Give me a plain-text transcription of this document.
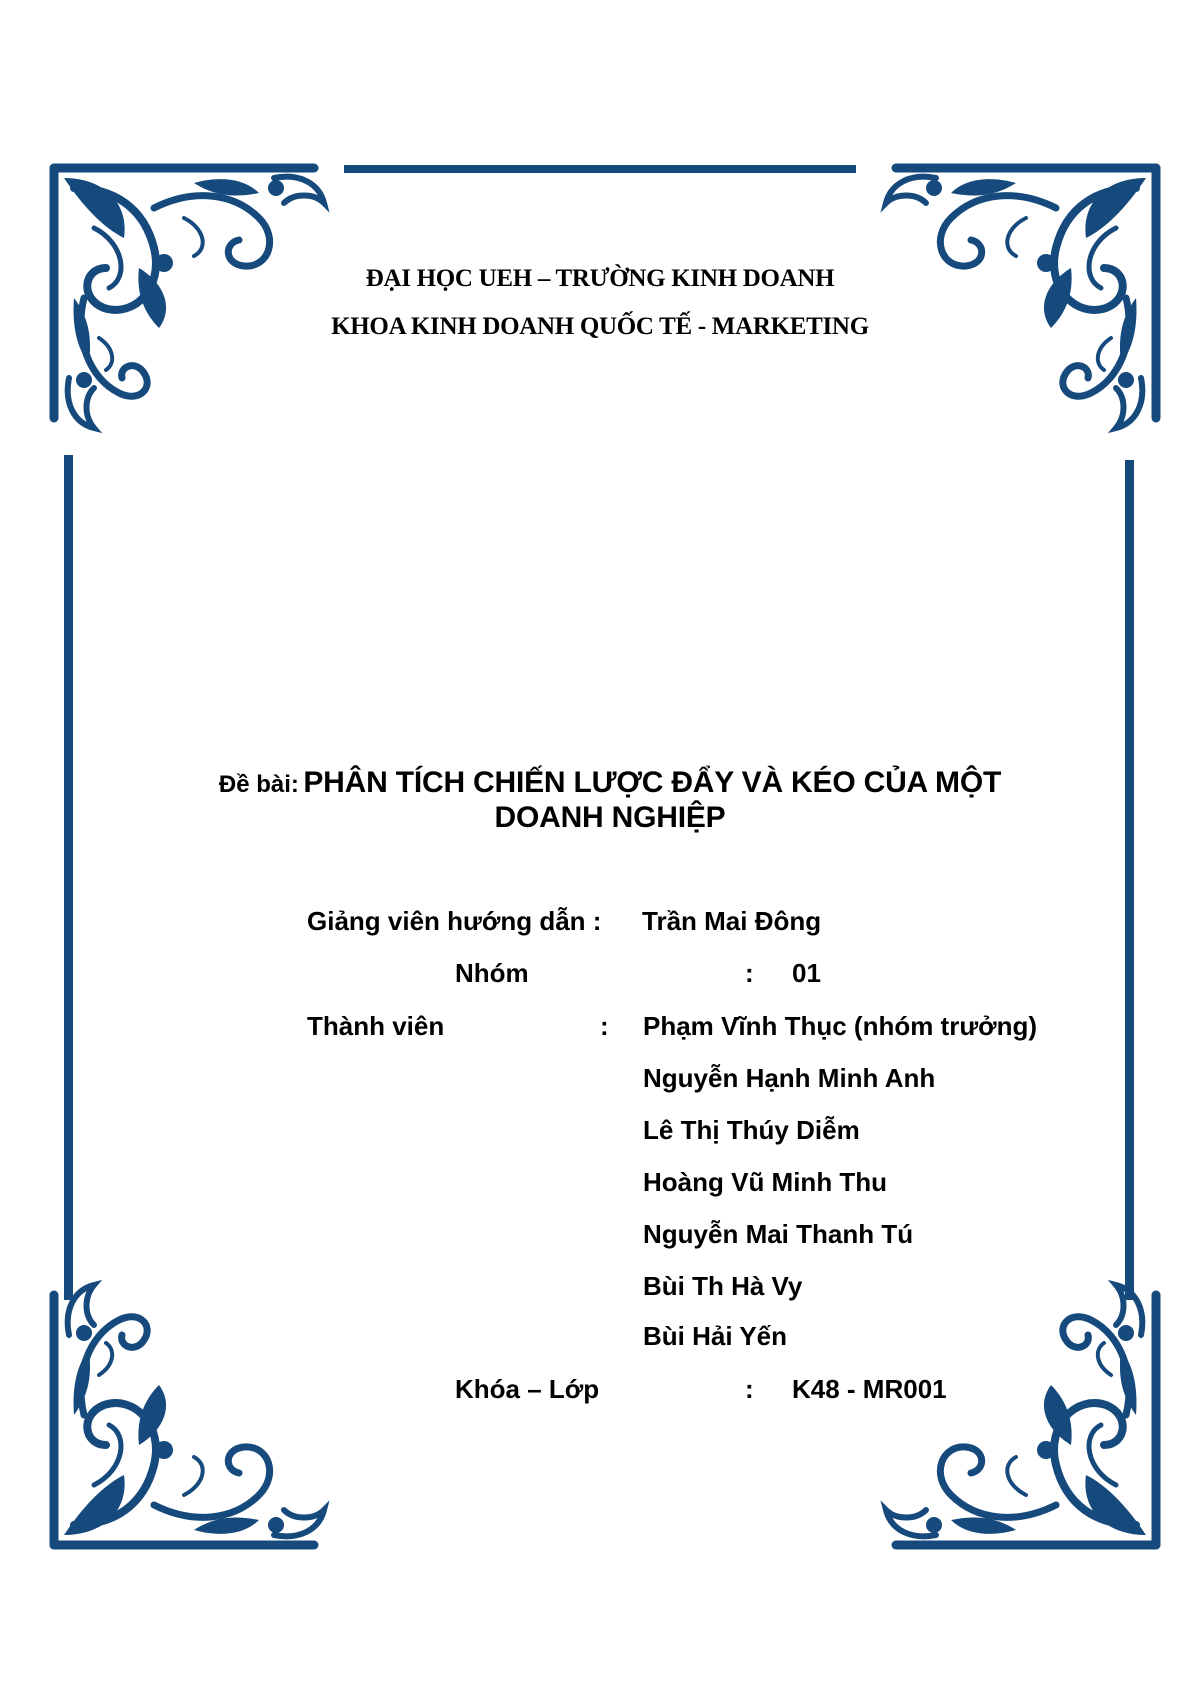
ĐẠI HỌC UEH – TRƯỜNG KINH DOANH
KHOA KINH DOANH QUỐC TẾ - MARKETING
Đề bài: PHÂN TÍCH CHIẾN LƯỢC ĐẨY VÀ KÉO CỦA MỘT DOANH NGHIỆP
Giảng viên hướng dẫn : Trần Mai Đông
Nhóm	: 01
Thành viên	: Phạm Vĩnh Thục (nhóm trưởng)
Nguyễn Hạnh Minh Anh
Lê Thị Thúy Diễm
Hoàng Vũ Minh Thu
Nguyễn Mai Thanh Tú
Bùi Th Hà Vy
Bùi Hải Yến
Khóa – Lớp	: K48 - MR001
